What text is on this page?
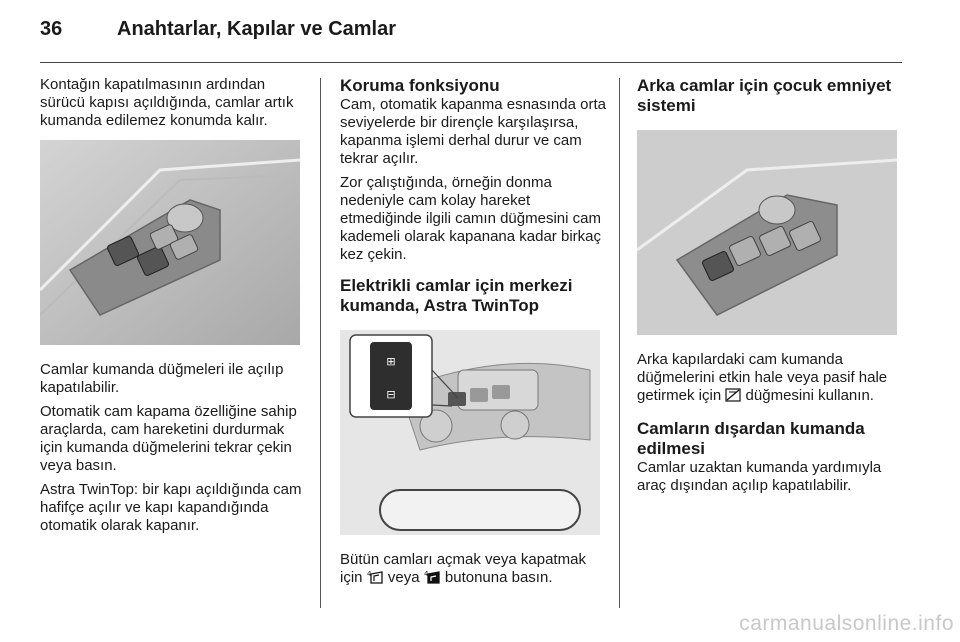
36	Anahtarlar, Kapılar ve Camlar

Kontağın kapatılmasının ardından sürücü kapısı açıldığında, camlar artık kumanda edilemez konumda kalır.

Camlar kumanda düğmeleri ile açılıp kapatılabilir.

Otomatik cam kapama özelliğine sahip araçlarda, cam hareketini durdurmak için kumanda düğmelerini tekrar çekin veya basın.

Astra TwinTop: bir kapı açıldığında cam hafifçe açılır ve kapı kapandığında otomatik olarak kapanır.

Koruma fonksiyonu

Cam, otomatik kapanma esnasında orta seviyelerde bir dirençle karşılaşırsa, kapanma işlemi derhal durur ve cam tekrar açılır.

Zor çalıştığında, örneğin donma nedeniyle cam kolay hareket etmediğinde ilgili camın düğmesini cam kademeli olarak kapanana kadar birkaç kez çekin.

Elektrikli camlar için merkezi kumanda, Astra TwinTop

⊞
⊟

Bütün camları açmak veya kapatmak için 4 veya 4 butonuna basın.

Arka camlar için çocuk emniyet sistemi

Arka kapılardaki cam kumanda düğmelerini etkin hale veya pasif hale getirmek için düğmesini kullanın.

Camların dışardan kumanda edilmesi

Camlar uzaktan kumanda yardımıyla araç dışından açılıp kapatılabilir.

carmanualsonline.info
